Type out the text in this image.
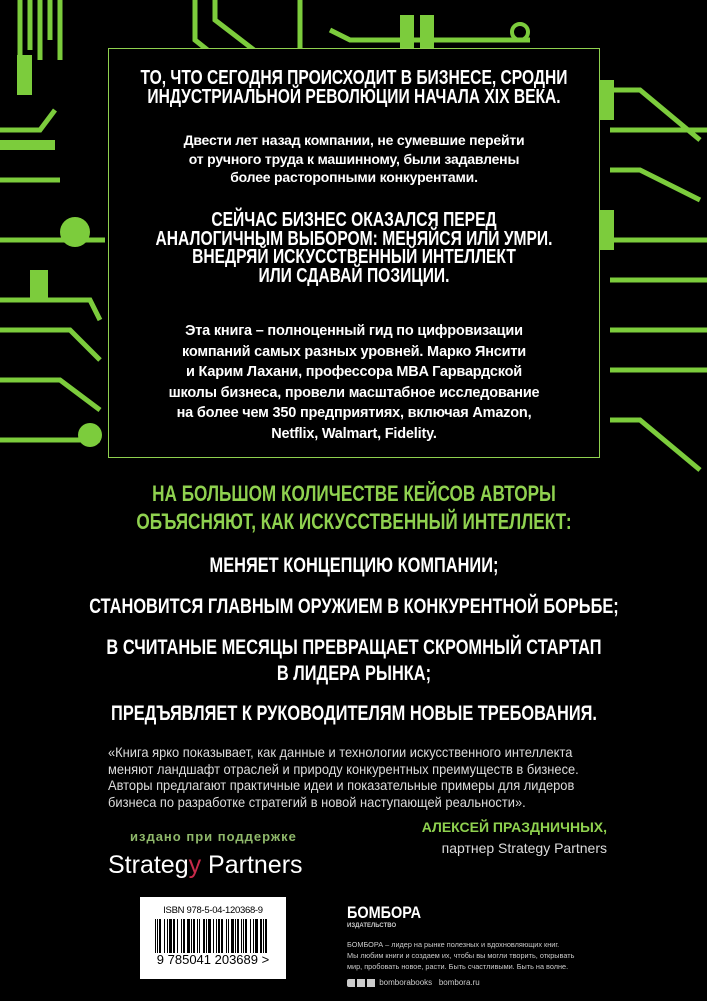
ТО, ЧТО СЕГОДНЯ ПРОИСХОДИТ В БИЗНЕСЕ, СРОДНИ
ИНДУСТРИАЛЬНОЙ РЕВОЛЮЦИИ НАЧАЛА XIX ВЕКА.
Двести лет назад компании, не сумевшие перейти
от ручного труда к машинному, были задавлены
более расторопными конкурентами.
СЕЙЧАС БИЗНЕС ОКАЗАЛСЯ ПЕРЕД
АНАЛОГИЧНЫМ ВЫБОРОМ: МЕНЯЙСЯ ИЛИ УМРИ.
ВНЕДРЯЙ ИСКУССТВЕННЫЙ ИНТЕЛЛЕКТ
ИЛИ СДАВАЙ ПОЗИЦИИ.
Эта книга – полноценный гид по цифровизации
компаний самых разных уровней. Марко Янсити
и Карим Лахани, профессора MBA Гарвардской
школы бизнеса, провели масштабное исследование
на более чем 350 предприятиях, включая Amazon,
Netflix, Walmart, Fidelity.
НА БОЛЬШОМ КОЛИЧЕСТВЕ КЕЙСОВ АВТОРЫ
ОБЪЯСНЯЮТ, КАК ИСКУССТВЕННЫЙ ИНТЕЛЛЕКТ:
МЕНЯЕТ КОНЦЕПЦИЮ КОМПАНИИ;
СТАНОВИТСЯ ГЛАВНЫМ ОРУЖИЕМ В КОНКУРЕНТНОЙ БОРЬБЕ;
В СЧИТАНЫЕ МЕСЯЦЫ ПРЕВРАЩАЕТ СКРОМНЫЙ СТАРТАП
В ЛИДЕРА РЫНКА;
ПРЕДЪЯВЛЯЕТ К РУКОВОДИТЕЛЯМ НОВЫЕ ТРЕБОВАНИЯ.
«Книга ярко показывает, как данные и технологии искусственного интеллекта
меняют ландшафт отраслей и природу конкурентных преимуществ в бизнесе.
Авторы предлагают практичные идеи и показательные примеры для лидеров
бизнеса по разработке стратегий в новой наступающей реальности».
АЛЕКСЕЙ ПРАЗДНИЧНЫХ,
партнер Strategy Partners
издано при поддержке
Strategy Partners
ISBN 978-5-04-120368-9
9 785041 203689 >
БОМБОРА
ИЗДАТЕЛЬСТВО
БОМБОРА – лидер на рынке полезных и вдохновляющих книг.
Мы любим книги и создаем их, чтобы вы могли творить, открывать
мир, пробовать новое, расти. Быть счастливыми. Быть на волне.
bomborabooks bombora.ru
